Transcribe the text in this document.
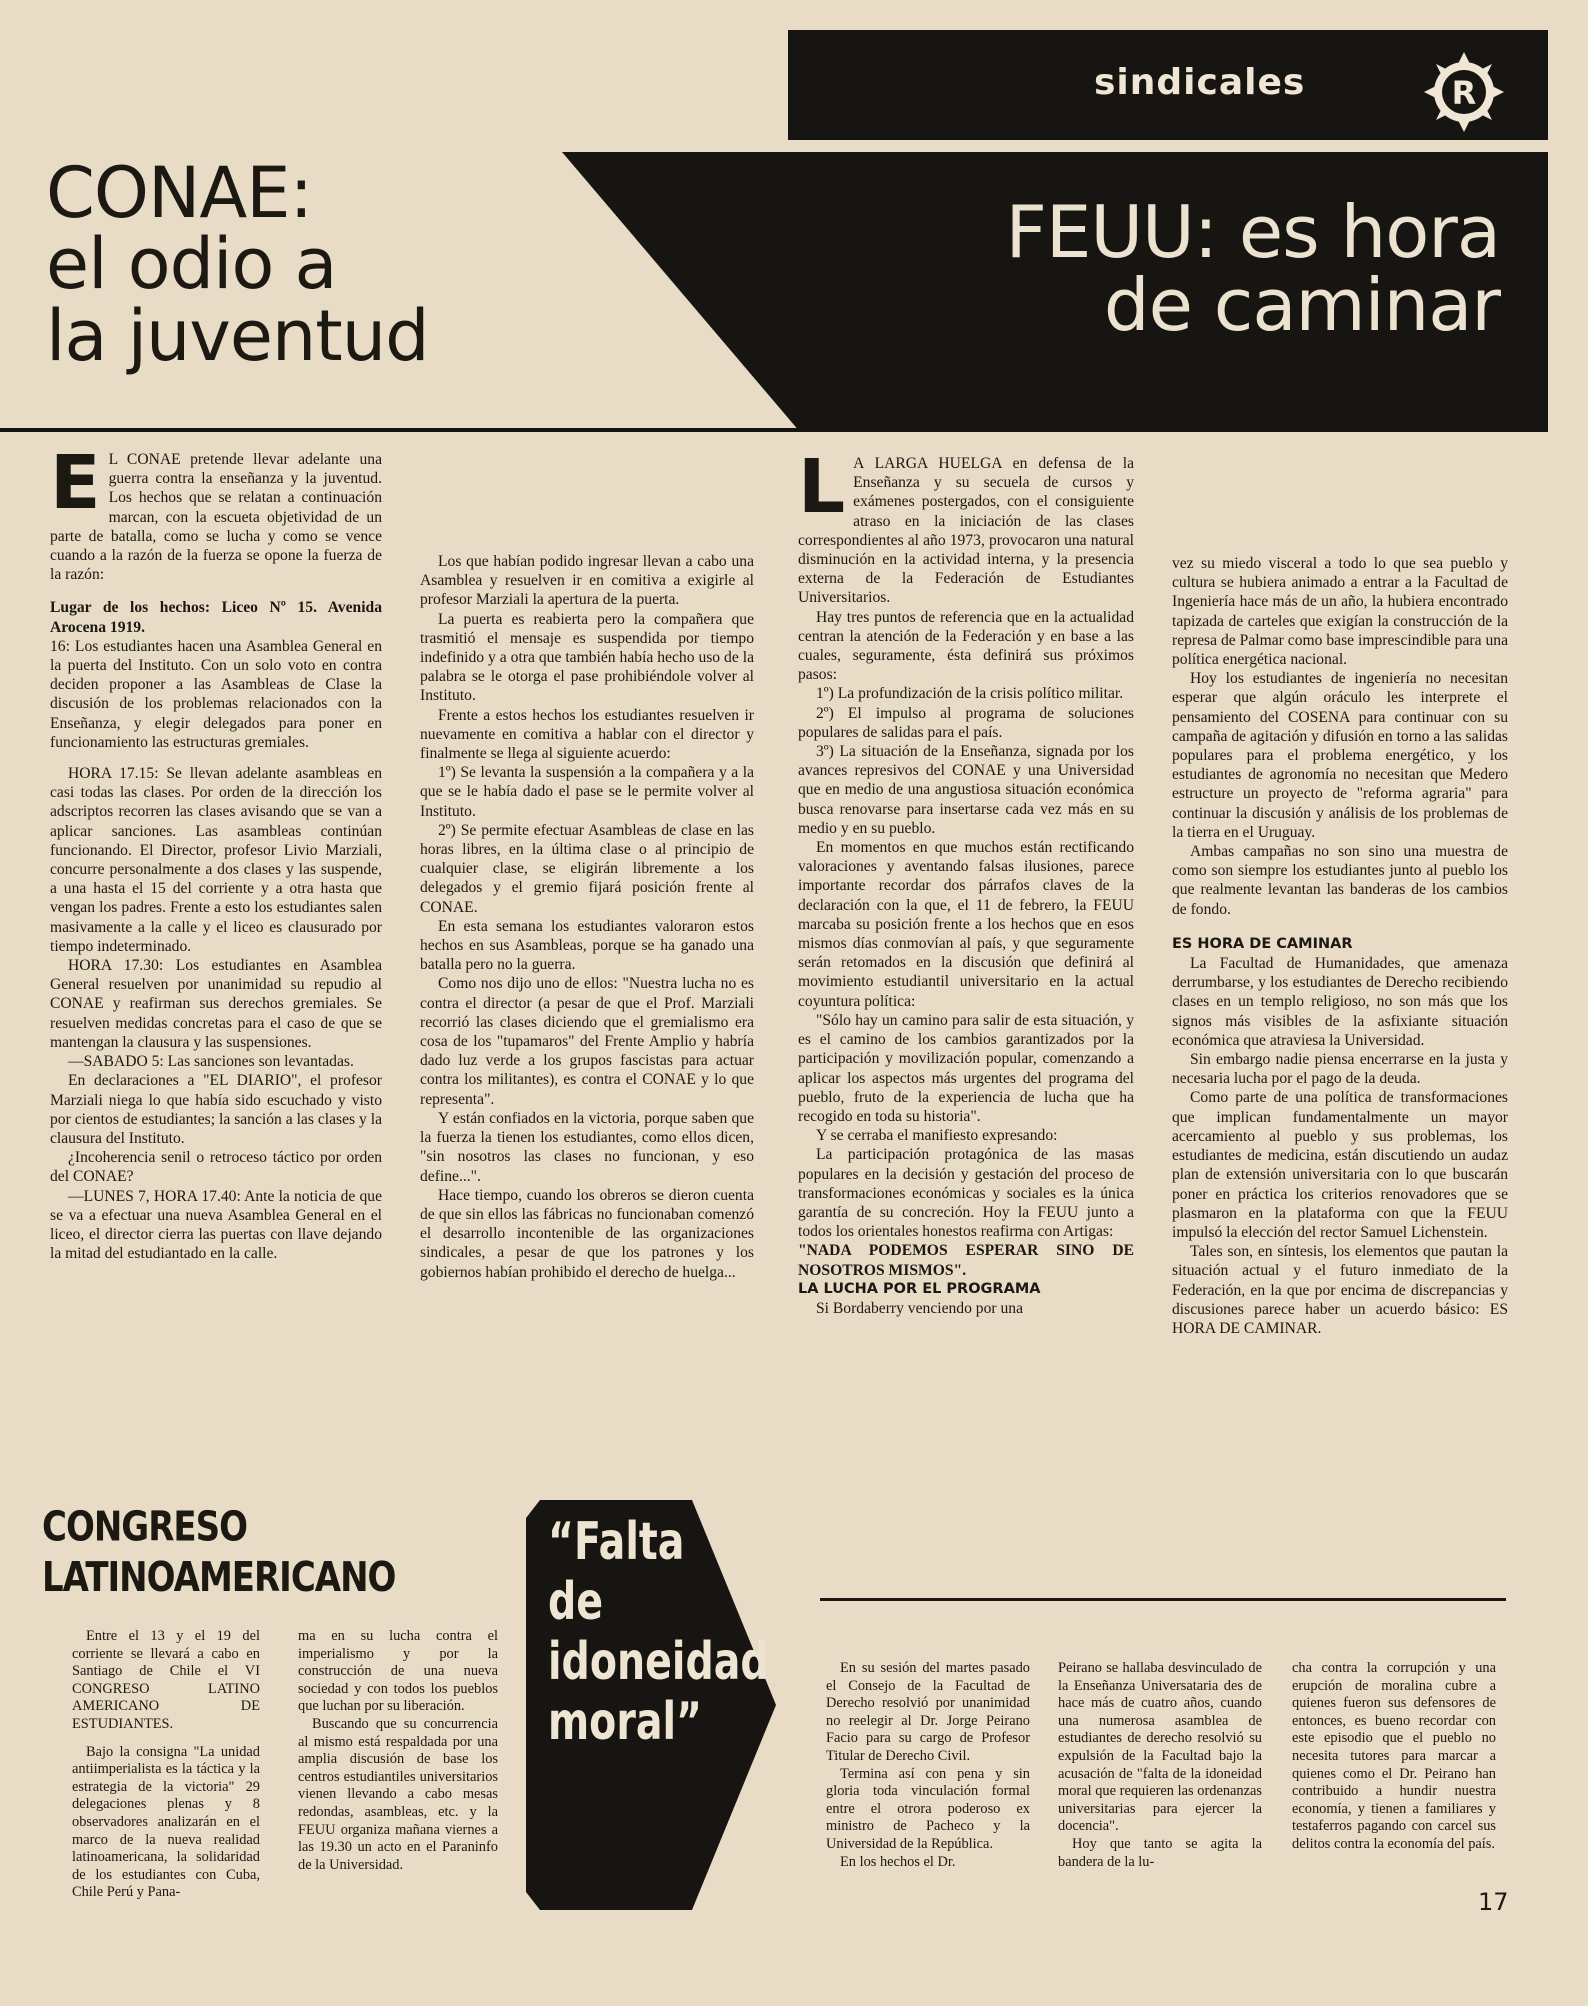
sindicales	R
CONAE:
el odio a
la juventud
FEUU: es hora
de caminar
E L CONAE pretende llevar adelante una guerra contra la enseñanza y la juventud. Los hechos que se relatan a continuación marcan, con la escueta objetividad de un parte de batalla, como se lucha y como se vence cuando a la razón de la fuerza se opone la fuerza de la razón:

Lugar de los hechos: Liceo Nº 15. Avenida Arocena 1919.

16: Los estudiantes hacen una Asamblea General en la puerta del Instituto. Con un solo voto en contra deciden proponer a las Asambleas de Clase la discusión de los problemas relacionados con la Enseñanza, y elegir delegados para poner en funcionamiento las estructuras gremiales.

HORA 17.15: Se llevan adelante asambleas en casi todas las clases. Por orden de la dirección los adscriptos recorren las clases avisando que se van a aplicar sanciones. Las asambleas continúan funcionando. El Director, profesor Livio Marziali, concurre personalmente a dos clases y las suspende, a una hasta el 15 del corriente y a otra hasta que vengan los padres. Frente a esto los estudiantes salen masivamente a la calle y el liceo es clausurado por tiempo indeterminado.

HORA 17.30: Los estudiantes en Asamblea General resuelven por unanimidad su repudio al CONAE y reafirman sus derechos gremiales. Se resuelven medidas concretas para el caso de que se mantengan la clausura y las suspensiones.

—SABADO 5: Las sanciones son levantadas.

En declaraciones a "EL DIARIO", el profesor Marziali niega lo que había sido escuchado y visto por cientos de estudiantes; la sanción a las clases y la clausura del Instituto.

¿Incoherencia senil o retroceso táctico por orden del CONAE?

—LUNES 7, HORA 17.40: Ante la noticia de que se va a efectuar una nueva Asamblea General en el liceo, el director cierra las puertas con llave dejando la mitad del estudiantado en la calle.

Los que habían podido ingresar llevan a cabo una Asamblea y resuelven ir en comitiva a exigirle al profesor Marziali la apertura de la puerta.

La puerta es reabierta pero la compañera que trasmitió el mensaje es suspendida por tiempo indefinido y a otra que también había hecho uso de la palabra se le otorga el pase prohibiéndole volver al Instituto.

Frente a estos hechos los estudiantes resuelven ir nuevamente en comitiva a hablar con el director y finalmente se llega al siguiente acuerdo:

1º) Se levanta la suspensión a la compañera y a la que se le había dado el pase se le permite volver al Instituto.

2º) Se permite efectuar Asambleas de clase en las horas libres, en la última clase o al principio de cualquier clase, se eligirán libremente a los delegados y el gremio fijará posición frente al CONAE.

En esta semana los estudiantes valoraron estos hechos en sus Asambleas, porque se ha ganado una batalla pero no la guerra.

Como nos dijo uno de ellos: "Nuestra lucha no es contra el director (a pesar de que el Prof. Marziali recorrió las clases diciendo que el gremialismo era cosa de los "tupamaros" del Frente Amplio y habría dado luz verde a los grupos fascistas para actuar contra los militantes), es contra el CONAE y lo que representa".

Y están confiados en la victoria, porque saben que la fuerza la tienen los estudiantes, como ellos dicen, "sin nosotros las clases no funcionan, y eso define...".

Hace tiempo, cuando los obreros se dieron cuenta de que sin ellos las fábricas no funcionaban comenzó el desarrollo incontenible de las organizaciones sindicales, a pesar de que los patrones y los gobiernos habían prohibido el derecho de huelga...

L A LARGA HUELGA en defensa de la Enseñanza y su secuela de cursos y exámenes postergados, con el consiguiente atraso en la iniciación de las clases correspondientes al año 1973, provocaron una natural disminución en la actividad interna, y la presencia externa de la Federación de Estudiantes Universitarios.

Hay tres puntos de referencia que en la actualidad centran la atención de la Federación y en base a las cuales, seguramente, ésta definirá sus próximos pasos:

1º) La profundización de la crisis político militar.

2º) El impulso al programa de soluciones populares de salidas para el país.

3º) La situación de la Enseñanza, signada por los avances represivos del CONAE y una Universidad que en medio de una angustiosa situación económica busca renovarse para insertarse cada vez más en su medio y en su pueblo.

En momentos en que muchos están rectificando valoraciones y aventando falsas ilusiones, parece importante recordar dos párrafos claves de la declaración con la que, el 11 de febrero, la FEUU marcaba su posición frente a los hechos que en esos mismos días conmovían al país, y que seguramente serán retomados en la discusión que definirá al movimiento estudiantil universitario en la actual coyuntura política:

"Sólo hay un camino para salir de esta situación, y es el camino de los cambios garantizados por la participación y movilización popular, comenzando a aplicar los aspectos más urgentes del programa del pueblo, fruto de la experiencia de lucha que ha recogido en toda su historia".

Y se cerraba el manifiesto expresando:

La participación protagónica de las masas populares en la decisión y gestación del proceso de transformaciones económicas y sociales es la única garantía de su concreción. Hoy la FEUU junto a todos los orientales honestos reafirma con Artigas:

"NADA PODEMOS ESPERAR SINO DE NOSOTROS MISMOS".

LA LUCHA POR EL PROGRAMA

Si Bordaberry venciendo por una

vez su miedo visceral a todo lo que sea pueblo y cultura se hubiera animado a entrar a la Facultad de Ingeniería hace más de un año, la hubiera encontrado tapizada de carteles que exigían la construcción de la represa de Palmar como base imprescindible para una política energética nacional.

Hoy los estudiantes de ingeniería no necesitan esperar que algún oráculo les interprete el pensamiento del COSENA para continuar con su campaña de agitación y difusión en torno a las salidas populares para el problema energético, y los estudiantes de agronomía no necesitan que Medero estructure un proyecto de "reforma agraria" para continuar la discusión y análisis de los problemas de la tierra en el Uruguay.

Ambas campañas no son sino una muestra de como son siempre los estudiantes junto al pueblo los que realmente levantan las banderas de los cambios de fondo.

ES HORA DE CAMINAR

La Facultad de Humanidades, que amenaza derrumbarse, y los estudiantes de Derecho recibiendo clases en un templo religioso, no son más que los signos más visibles de la asfixiante situación económica que atraviesa la Universidad.

Sin embargo nadie piensa encerrarse en la justa y necesaria lucha por el pago de la deuda.

Como parte de una política de transformaciones que implican fundamentalmente un mayor acercamiento al pueblo y sus problemas, los estudiantes de medicina, están discutiendo un audaz plan de extensión universitaria con lo que buscarán poner en práctica los criterios renovadores que se plasmaron en la plataforma con que la FEUU impulsó la elección del rector Samuel Lichenstein.

Tales son, en síntesis, los elementos que pautan la situación actual y el futuro inmediato de la Federación, en la que por encima de discrepancias y discusiones parece haber un acuerdo básico: ES HORA DE CAMINAR.

CONGRESO
LATINOAMERICANO

Entre el 13 y el 19 del corriente se llevará a cabo en Santiago de Chile el VI CONGRESO LATINO AMERICANO DE ESTUDIANTES.

Bajo la consigna "La unidad antiimperialista es la táctica y la estrategia de la victoria" 29 delegaciones plenas y 8 observadores analizarán en el marco de la nueva realidad latinoamericana, la solidaridad de los estudiantes con Cuba, Chile Perú y Pana-

ma en su lucha contra el imperialismo y por la construcción de una nueva sociedad y con todos los pueblos que luchan por su liberación.

Buscando que su concurrencia al mismo está respaldada por una amplia discusión de base los centros estudiantiles universitarios vienen llevando a cabo mesas redondas, asambleas, etc. y la FEUU organiza mañana viernes a las 19.30 un acto en el Paraninfo de la Universidad.

“Falta
de
idoneidad
moral”

En su sesión del martes pasado el Consejo de la Facultad de Derecho resolvió por unanimidad no reelegir al Dr. Jorge Peirano Facio para su cargo de Profesor Titular de Derecho Civil.

Termina así con pena y sin gloria toda vinculación formal entre el otrora poderoso ex ministro de Pacheco y la Universidad de la República.

En los hechos el Dr.

Peirano se hallaba desvinculado de la Enseñanza Universataria des de hace más de cuatro años, cuando una numerosa asamblea de estudiantes de derecho resolvió su expulsión de la Facultad bajo la acusación de "falta de la idoneidad moral que requieren las ordenanzas universitarias para ejercer la docencia".

Hoy que tanto se agita la bandera de la lu-

cha contra la corrupción y una erupción de moralina cubre a quienes fueron sus defensores de entonces, es bueno recordar con este episodio que el pueblo no necesita tutores para marcar a quienes como el Dr. Peirano han contribuido a hundir nuestra economía, y tienen a familiares y testaferros pagando con carcel sus delitos contra la economía del país.

17
